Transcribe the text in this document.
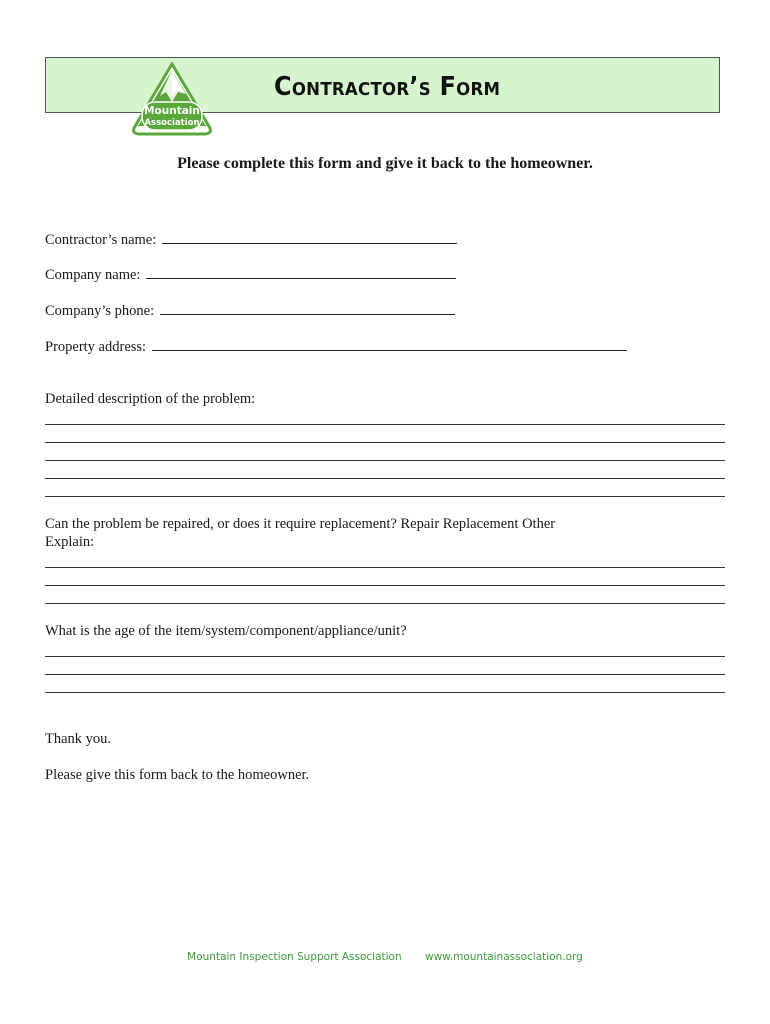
Mountain
Association
Contractor’s Form
Please complete this form and give it back to the homeowner.
Contractor’s name:
Company name:
Company’s phone:
Property address:
Detailed description of the problem:
Can the problem be repaired, or does it require replacement? Repair Replacement Other
Explain:
What is the age of the item/system/component/appliance/unit?
Thank you.
Please give this form back to the homeowner.
Mountain Inspection Support Association www.mountainassociation.org
